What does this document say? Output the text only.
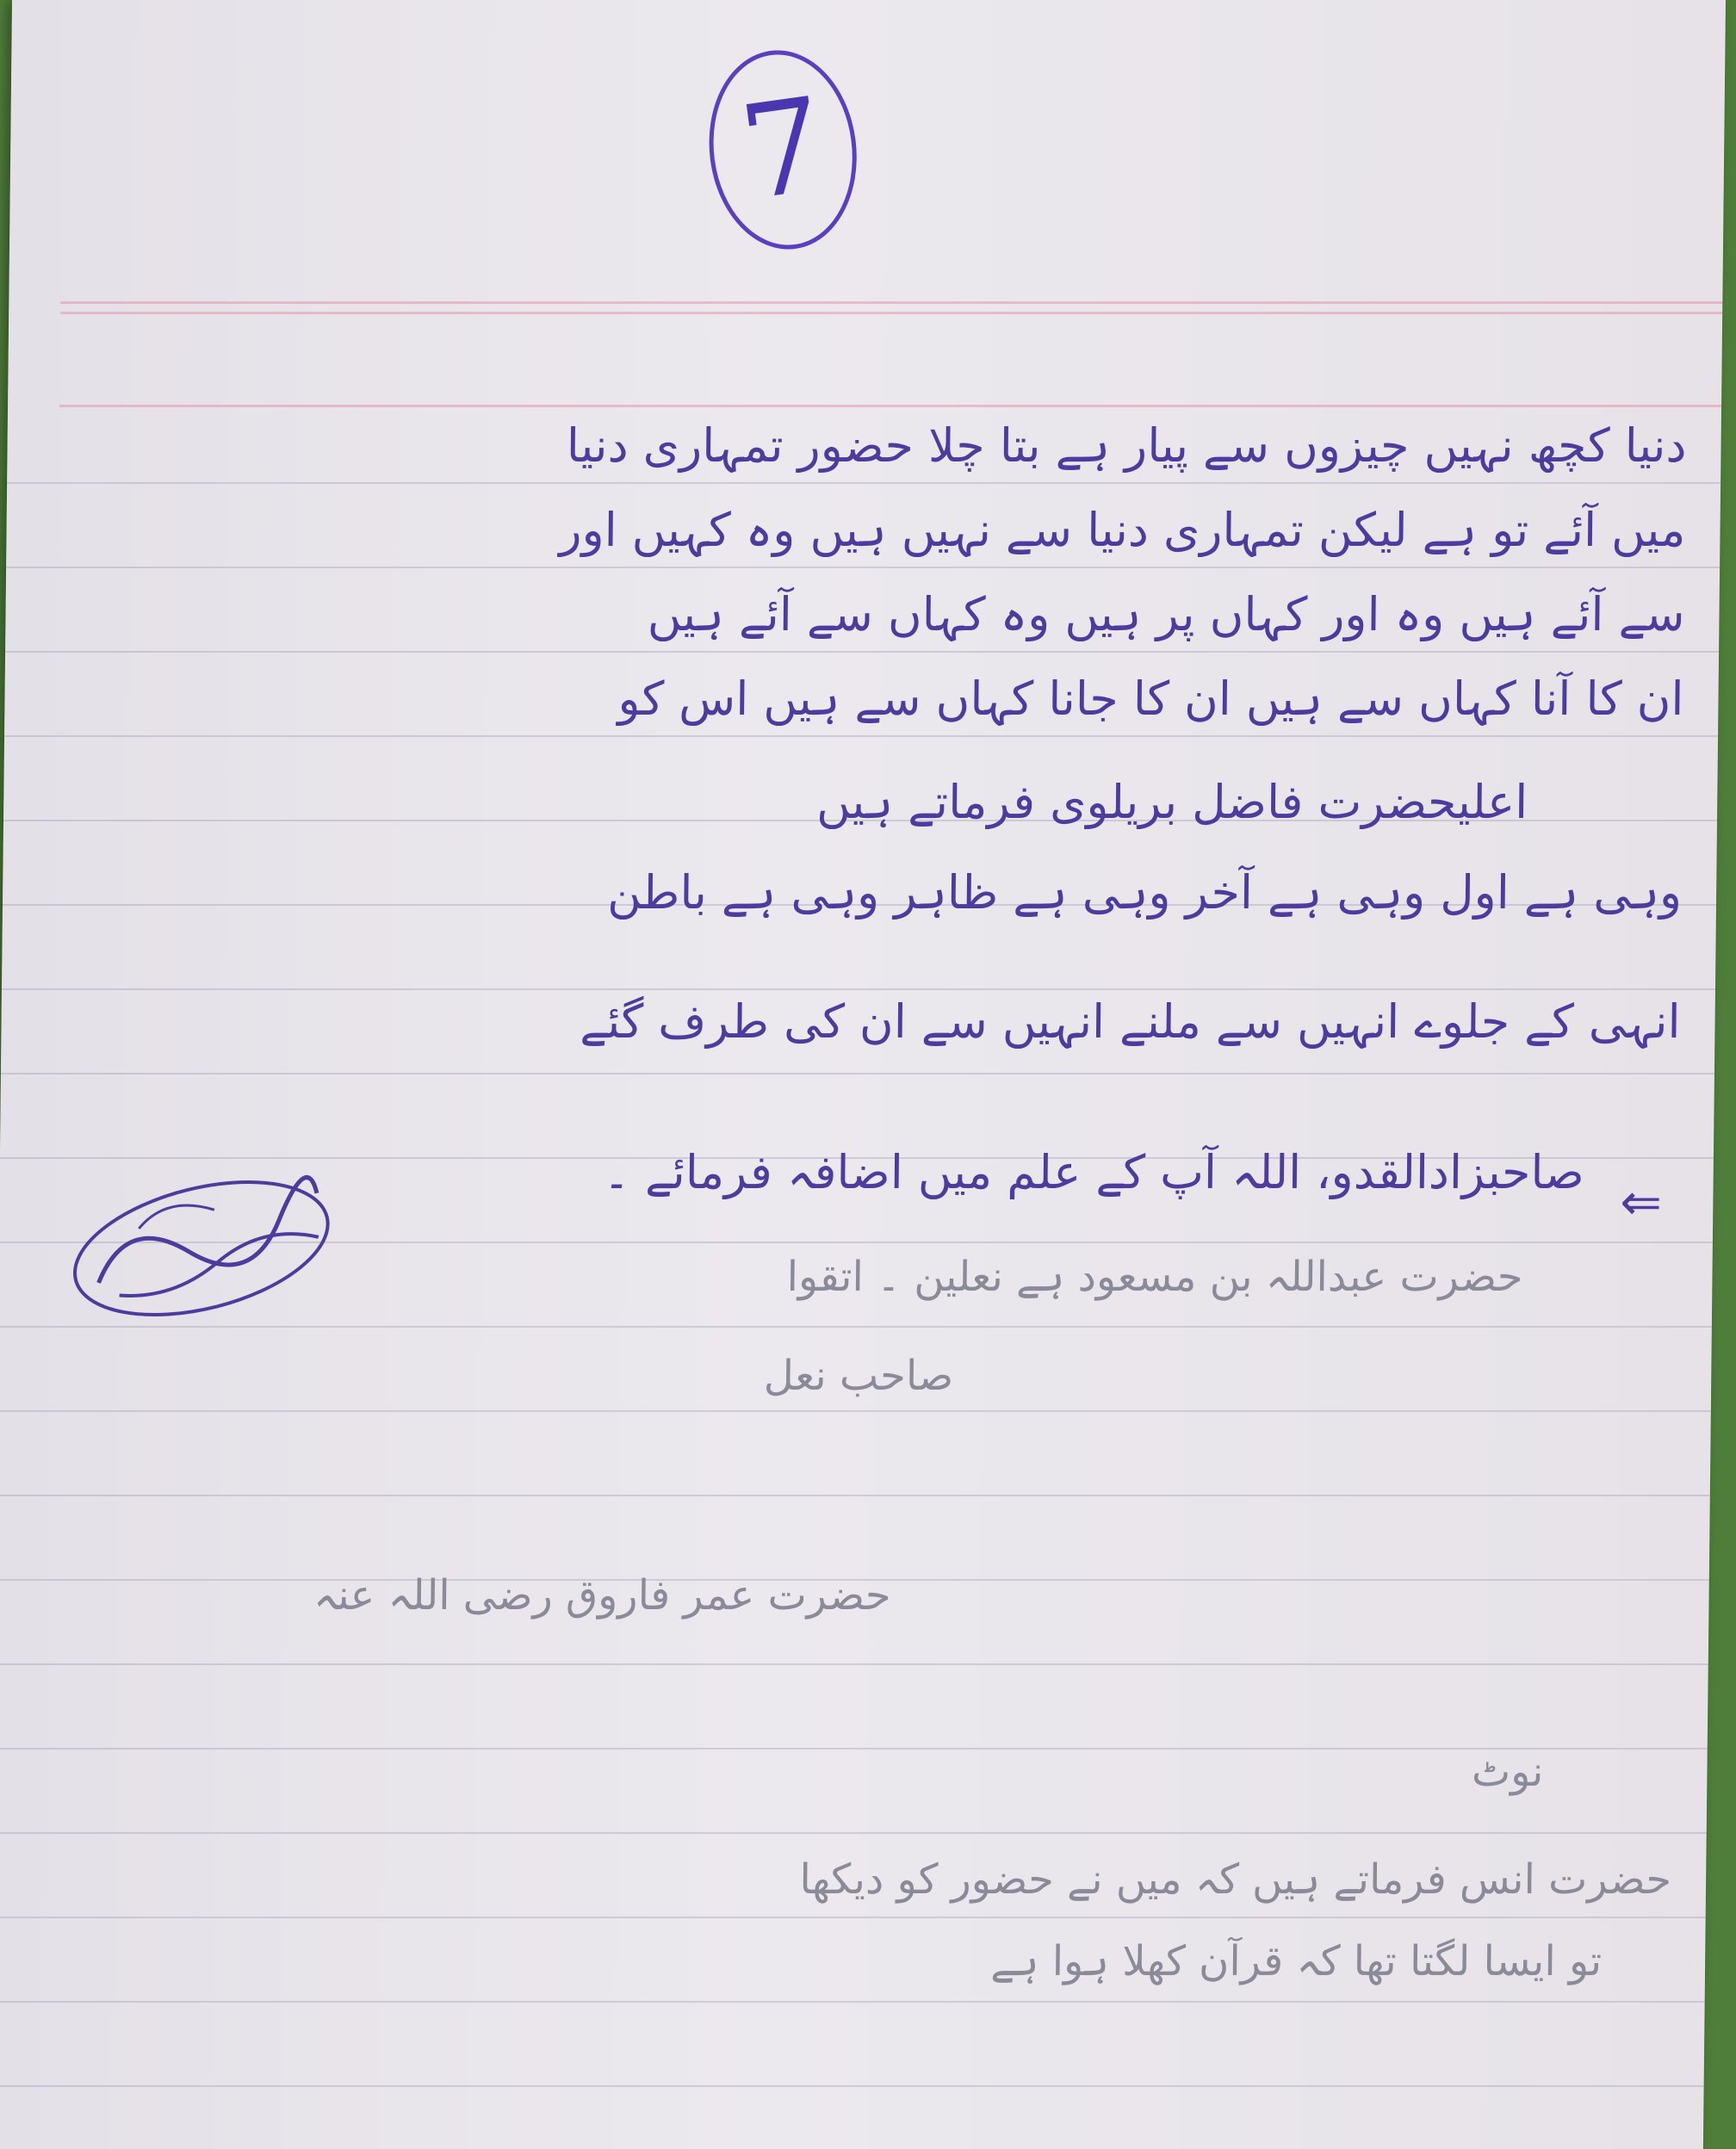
7
دنیا کچھ نہیں چیزوں سے پیار ہے بتا چلا حضور تمہاری دنیا
میں آئے تو ہے لیکن تمہاری دنیا سے نہیں ہیں وہ کہیں اور
سے آئے ہیں وہ اور کہاں پر ہیں وہ کہاں سے آئے ہیں
ان کا آنا کہاں سے ہیں ان کا جانا کہاں سے ہیں اس کو
اعلیحضرت فاضل بریلوی فرماتے ہیں
وہی ہے اول وہی ہے آخر وہی ہے ظاہر وہی ہے باطن
انہی کے جلوے انہیں سے ملنے انہیں سے ان کی طرف گئے
صاحبزادالقدو، اللہ آپ کے علم میں اضافہ فرمائے ۔
⇐
حضرت عبداللہ بن مسعود ہے نعلین ۔ اتقوا
صاحب نعل
حضرت عمر فاروق رضی اللہ عنہ
نوٹ
حضرت انس فرماتے ہیں کہ میں نے حضور کو دیکھا
تو ایسا لگتا تھا کہ قرآن کھلا ہوا ہے
